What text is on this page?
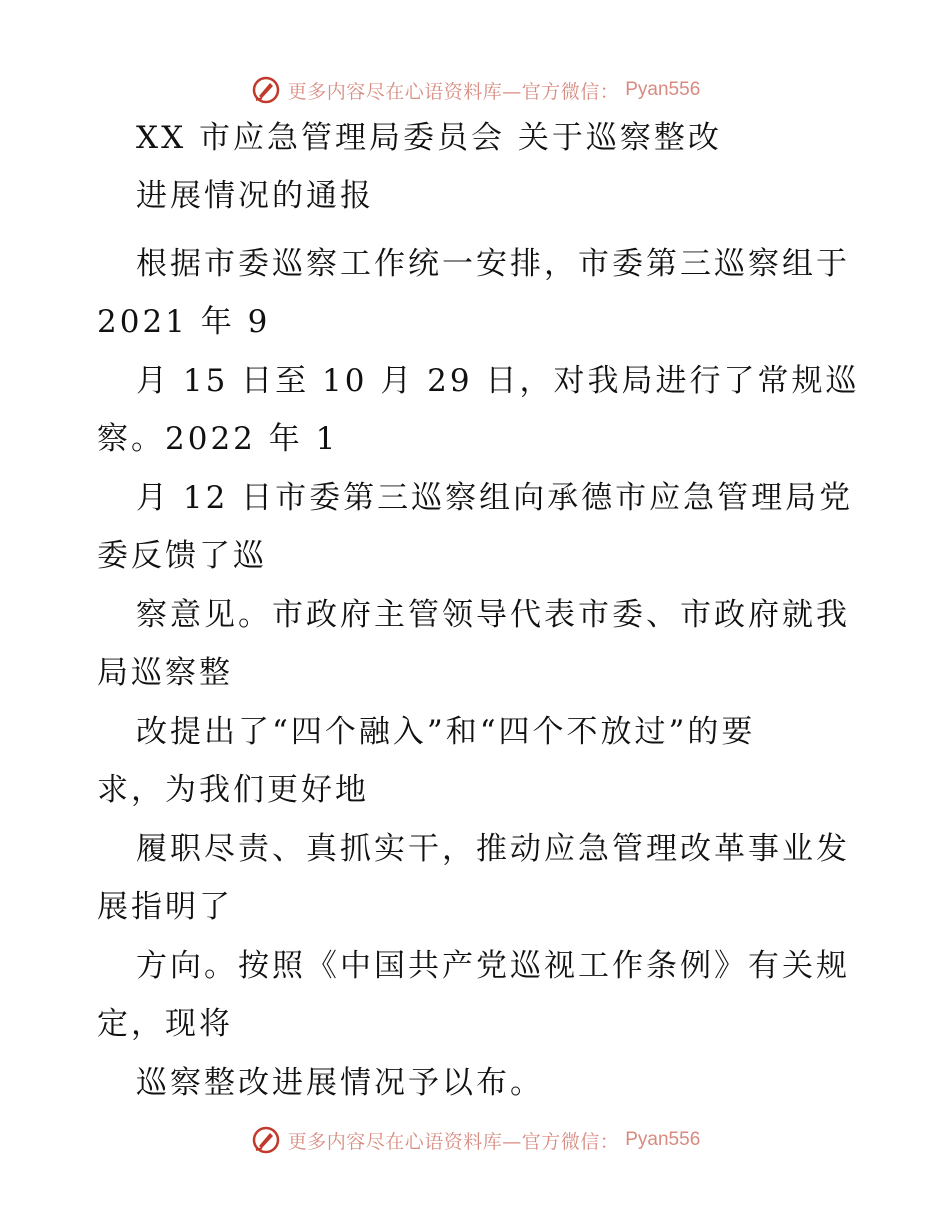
更多内容尽在心语资料库—官方微信： Pyan556
XX 市应急管理局委员会 关于巡察整改
进展情况的通报
根据市委巡察工作统一安排，市委第三巡察组于
2021 年 9
月 15 日至 10 月 29 日，对我局进行了常规巡
察。2022 年 1
月 12 日市委第三巡察组向承德市应急管理局党
委反馈了巡
察意见。市政府主管领导代表市委、市政府就我
局巡察整
改提出了“四个融入”和“四个不放过”的要
求，为我们更好地
履职尽责、真抓实干，推动应急管理改革事业发
展指明了
方向。按照《中国共产党巡视工作条例》有关规
定，现将
巡察整改进展情况予以布。
更多内容尽在心语资料库—官方微信： Pyan556
